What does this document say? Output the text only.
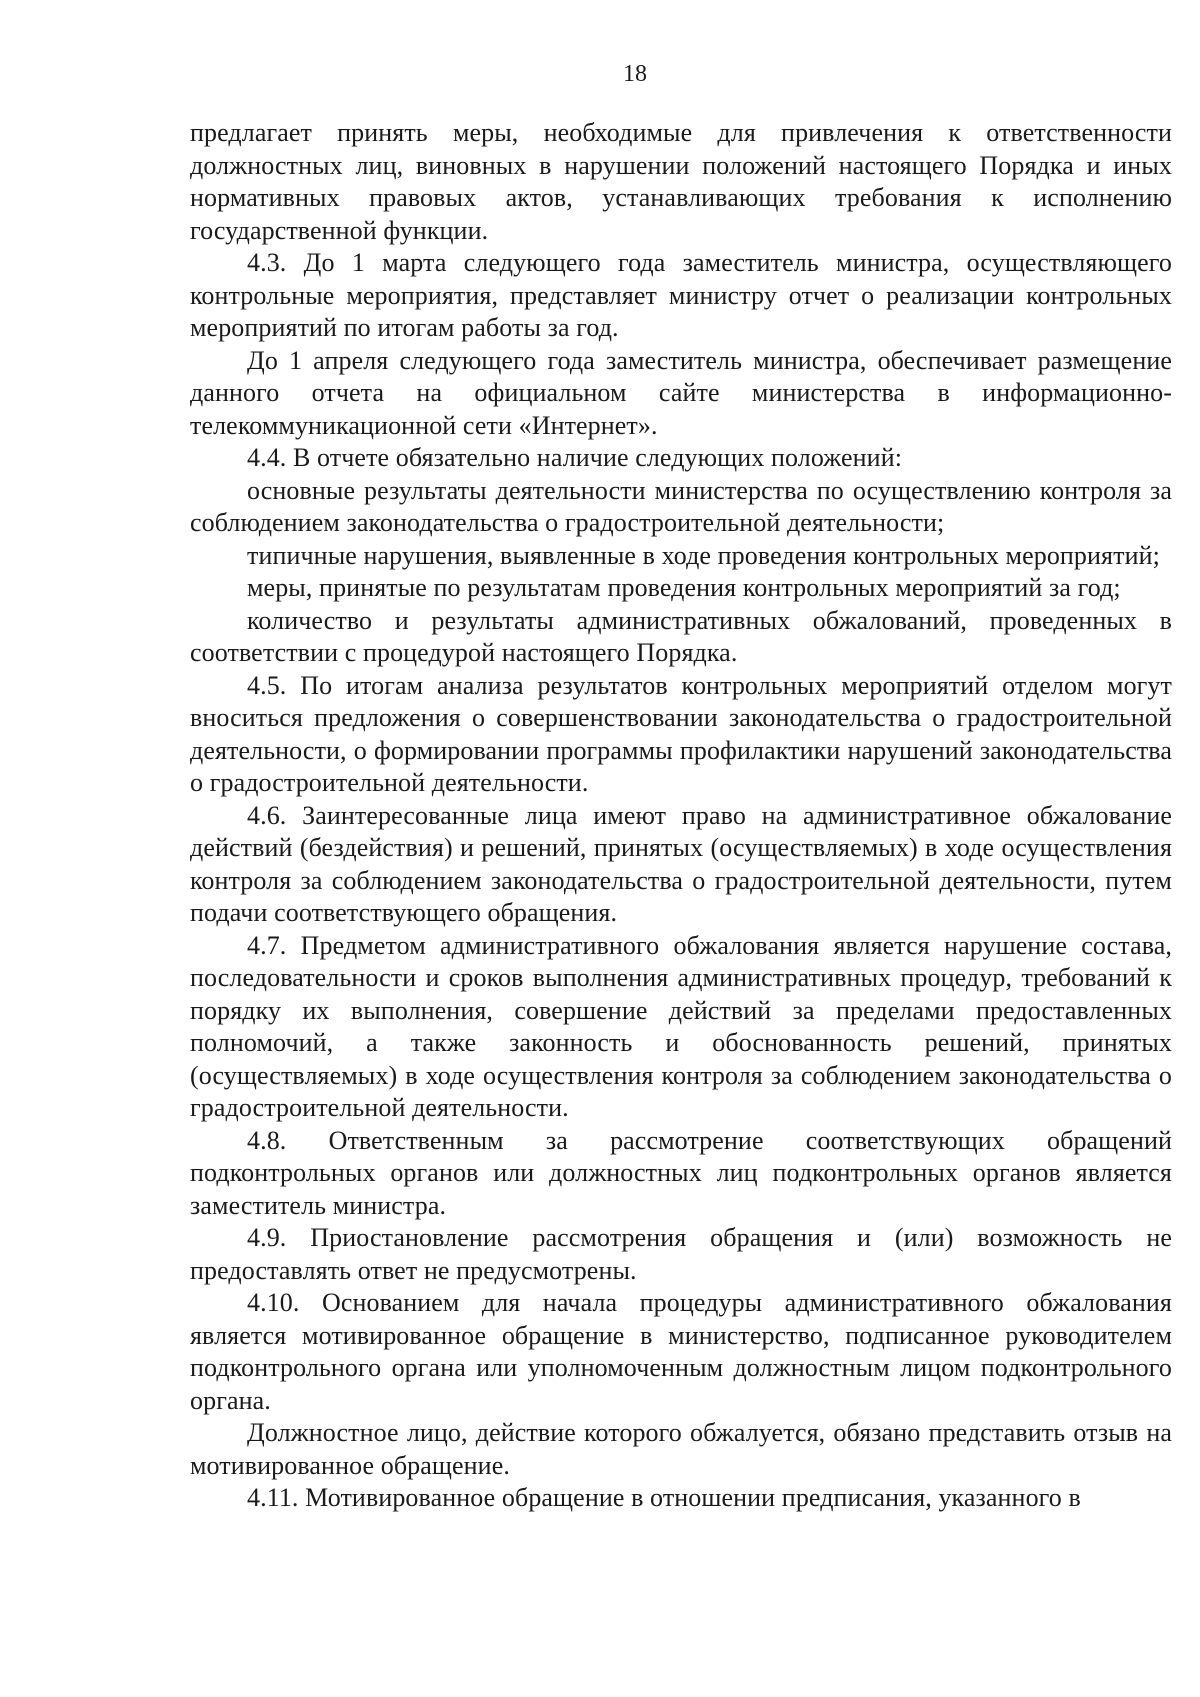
18

предлагает принять меры, необходимые для привлечения к ответственности должностных лиц, виновных в нарушении положений настоящего Порядка и иных нормативных правовых актов, устанавливающих требования к исполнению государственной функции.

4.3. До 1 марта следующего года заместитель министра, осуществляющего контрольные мероприятия, представляет министру отчет о реализации контрольных мероприятий по итогам работы за год.

До 1 апреля следующего года заместитель министра, обеспечивает размещение данного отчета на официальном сайте министерства в информационно-телекоммуникационной сети «Интернет».

4.4. В отчете обязательно наличие следующих положений:

основные результаты деятельности министерства по осуществлению контроля за соблюдением законодательства о градостроительной деятельности;

типичные нарушения, выявленные в ходе проведения контрольных мероприятий;

меры, принятые по результатам проведения контрольных мероприятий за год;

количество и результаты административных обжалований, проведенных в соответствии с процедурой настоящего Порядка.

4.5. По итогам анализа результатов контрольных мероприятий отделом могут вноситься предложения о совершенствовании законодательства о градостроительной деятельности, о формировании программы профилактики нарушений законодательства о градостроительной деятельности.

4.6. Заинтересованные лица имеют право на административное обжалование действий (бездействия) и решений, принятых (осуществляемых) в ходе осуществления контроля за соблюдением законодательства о градостроительной деятельности, путем подачи соответствующего обращения.

4.7. Предметом административного обжалования является нарушение состава, последовательности и сроков выполнения административных процедур, требований к порядку их выполнения, совершение действий за пределами предоставленных полномочий, а также законность и обоснованность решений, принятых (осуществляемых) в ходе осуществления контроля за соблюдением законодательства о градостроительной деятельности.

4.8. Ответственным за рассмотрение соответствующих обращений подконтрольных органов или должностных лиц подконтрольных органов является заместитель министра.

4.9. Приостановление рассмотрения обращения и (или) возможность не предоставлять ответ не предусмотрены.

4.10. Основанием для начала процедуры административного обжалования является мотивированное обращение в министерство, подписанное руководителем подконтрольного органа или уполномоченным должностным лицом подконтрольного органа.

Должностное лицо, действие которого обжалуется, обязано представить отзыв на мотивированное обращение.

4.11. Мотивированное обращение в отношении предписания, указанного в
